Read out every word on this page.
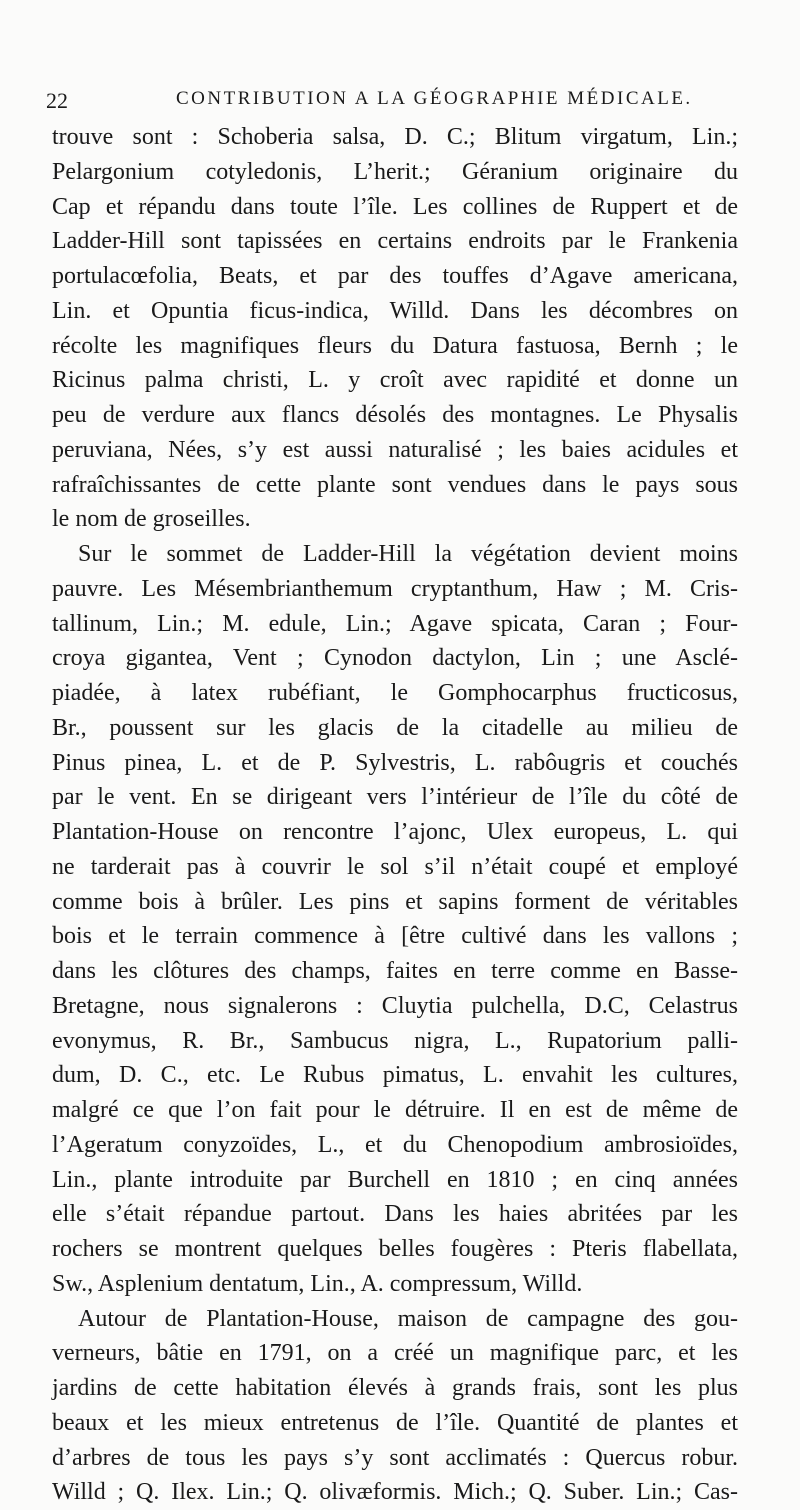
22	CONTRIBUTION A LA GÉOGRAPHIE MÉDICALE.
trouve sont : Schoberia salsa, D. C.; Blitum virgatum, Lin.;
Pelargonium cotyledonis, L’herit.; Géranium originaire du
Cap et répandu dans toute l’île. Les collines de Ruppert et de
Ladder-Hill sont tapissées en certains endroits par le Frankenia
portulacœfolia, Beats, et par des touffes d’Agave americana,
Lin. et Opuntia ficus-indica, Willd. Dans les décombres on
récolte les magnifiques fleurs du Datura fastuosa, Bernh ; le
Ricinus palma christi, L. y croît avec rapidité et donne un
peu de verdure aux flancs désolés des montagnes. Le Physalis
peruviana, Nées, s’y est aussi naturalisé ; les baies acidules et
rafraîchissantes de cette plante sont vendues dans le pays sous
le nom de groseilles.
Sur le sommet de Ladder-Hill la végétation devient moins
pauvre. Les Mésembrianthemum cryptanthum, Haw ; M. Cris-
tallinum, Lin.; M. edule, Lin.; Agave spicata, Caran ; Four-
croya gigantea, Vent ; Cynodon dactylon, Lin ; une Asclé-
piadée, à latex rubéfiant, le Gomphocarphus fructicosus,
Br., poussent sur les glacis de la citadelle au milieu de
Pinus pinea, L. et de P. Sylvestris, L. rabôugris et couchés
par le vent. En se dirigeant vers l’intérieur de l’île du côté de
Plantation-House on rencontre l’ajonc, Ulex europeus, L. qui
ne tarderait pas à couvrir le sol s’il n’était coupé et employé
comme bois à brûler. Les pins et sapins forment de véritables
bois et le terrain commence à [être cultivé dans les vallons ;
dans les clôtures des champs, faites en terre comme en Basse-
Bretagne, nous signalerons : Cluytia pulchella, D.C, Celastrus
evonymus, R. Br., Sambucus nigra, L., Rupatorium palli-
dum, D. C., etc. Le Rubus pimatus, L. envahit les cultures,
malgré ce que l’on fait pour le détruire. Il en est de même de
l’Ageratum conyzoïdes, L., et du Chenopodium ambrosioïdes,
Lin., plante introduite par Burchell en 1810 ; en cinq années
elle s’était répandue partout. Dans les haies abritées par les
rochers se montrent quelques belles fougères : Pteris flabellata,
Sw., Asplenium dentatum, Lin., A. compressum, Willd.
Autour de Plantation-House, maison de campagne des gou-
verneurs, bâtie en 1791, on a créé un magnifique parc, et les
jardins de cette habitation élevés à grands frais, sont les plus
beaux et les mieux entretenus de l’île. Quantité de plantes et
d’arbres de tous les pays s’y sont acclimatés : Quercus robur.
Willd ; Q. Ilex. Lin.; Q. olivæformis. Mich.; Q. Suber. Lin.; Cas-
